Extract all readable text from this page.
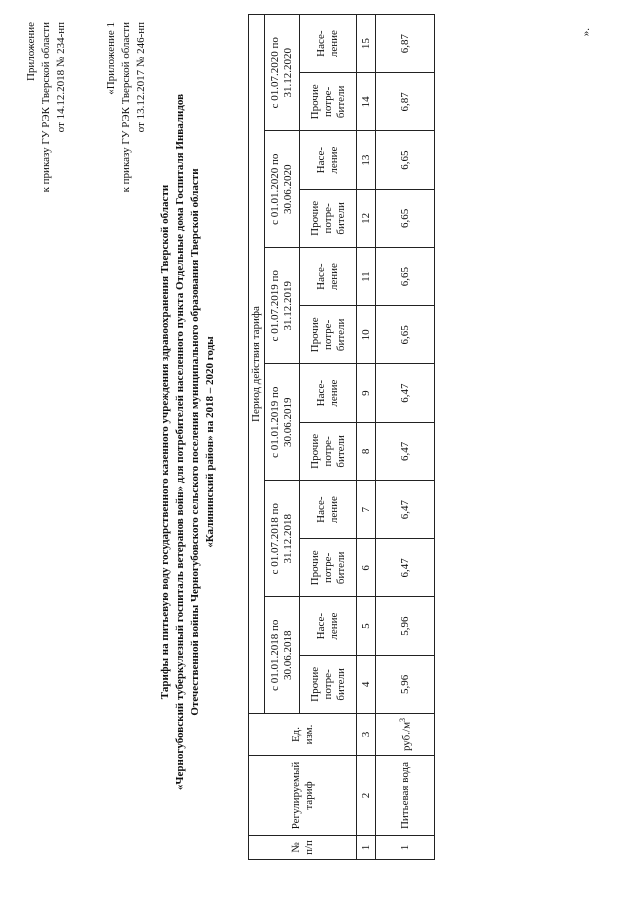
Приложение к приказу ГУ РЭК Тверской области от 14.12.2018 № 234-нп	«Приложение 1 к приказу ГУ РЭК Тверской области от 13.12.2017 № 246-нп
Тарифы на питьевую воду государственного казенного учреждения здравоохранения Тверской области «Черногубовский туберкулезный госпиталь ветеранов войн» для потребителей населенного пункта Отдельные дома Госпиталя Инвалидов Отечественной войны Черногубовского сельского поселения муниципального образования Тверской области «Калининский район» на 2018 – 2020 годы
№ п/п	Регулируемый тариф	Ед. изм.	Период действия тарифа											
			с 01.01.2018 по 30.06.2018		с 01.07.2018 по 31.12.2018		с 01.01.2019 по 30.06.2019		с 01.07.2019 по 31.12.2019		с 01.01.2020 по 30.06.2020		с 01.07.2020 по 31.12.2020	
			Прочие потре-бители	Насе-ление	Прочие потре-бители	Насе-ление	Прочие потре-бители	Насе-ление	Прочие потре-бители	Насе-ление	Прочие потре-бители	Насе-ление	Прочие потре-бители	Насе-ление
1	2	3	4	5	6	7	8	9	10	11	12	13	14	15
1	Питьевая вода	$руб./м^3$	5,96	5,96	6,47	6,47	6,47	6,47	6,65	6,65	6,65	6,65	6,87	6,87
».
